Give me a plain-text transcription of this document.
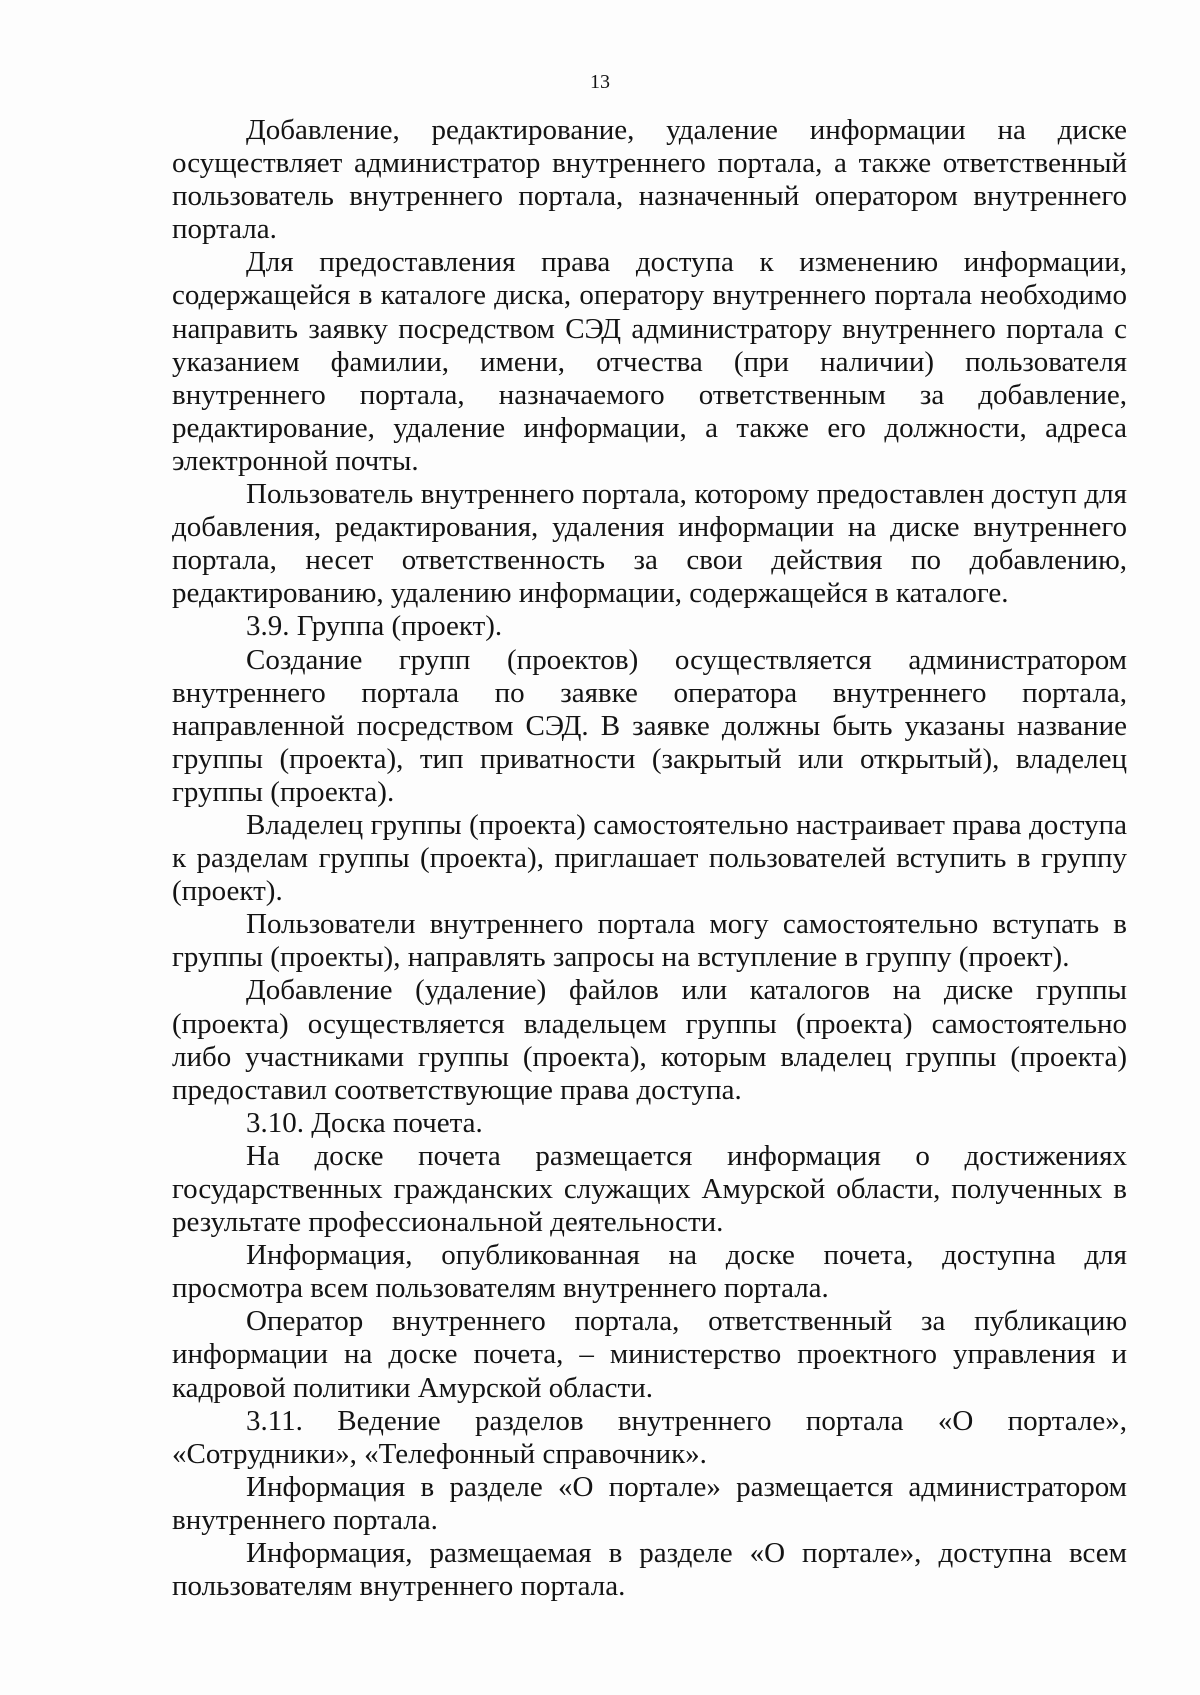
13

Добавление, редактирование, удаление информации на диске осуществляет администратор внутреннего портала, а также ответственный пользователь внутреннего портала, назначенный оператором внутреннего портала.

Для предоставления права доступа к изменению информации, содержащейся в каталоге диска, оператору внутреннего портала необходимо направить заявку посредством СЭД администратору внутреннего портала с указанием фамилии, имени, отчества (при наличии) пользователя внутреннего портала, назначаемого ответственным за добавление, редактирование, удаление информации, а также его должности, адреса электронной почты.

Пользователь внутреннего портала, которому предоставлен доступ для добавления, редактирования, удаления информации на диске внутреннего портала, несет ответственность за свои действия по добавлению, редактированию, удалению информации, содержащейся в каталоге.

3.9. Группа (проект).

Создание групп (проектов) осуществляется администратором внутреннего портала по заявке оператора внутреннего портала, направленной посредством СЭД. В заявке должны быть указаны название группы (проекта), тип приватности (закрытый или открытый), владелец группы (проекта).

Владелец группы (проекта) самостоятельно настраивает права доступа к разделам группы (проекта), приглашает пользователей вступить в группу (проект).

Пользователи внутреннего портала могу самостоятельно вступать в группы (проекты), направлять запросы на вступление в группу (проект).

Добавление (удаление) файлов или каталогов на диске группы (проекта) осуществляется владельцем группы (проекта) самостоятельно либо участниками группы (проекта), которым владелец группы (проекта) предоставил соответствующие права доступа.

3.10. Доска почета.

На доске почета размещается информация о достижениях государственных гражданских служащих Амурской области, полученных в результате профессиональной деятельности.

Информация, опубликованная на доске почета, доступна для просмотра всем пользователям внутреннего портала.

Оператор внутреннего портала, ответственный за публикацию информации на доске почета, – министерство проектного управления и кадровой политики Амурской области.

3.11. Ведение разделов внутреннего портала «О портале», «Сотрудники», «Телефонный справочник».

Информация в разделе «О портале» размещается администратором внутреннего портала.

Информация, размещаемая в разделе «О портале», доступна всем пользователям внутреннего портала.
